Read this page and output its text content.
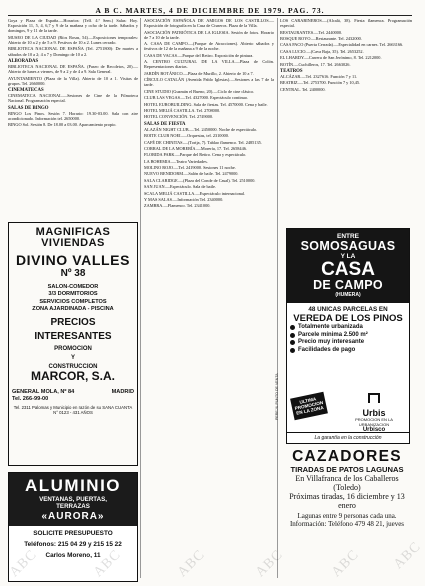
A B C. MARTES, 4 DE DICIEMBRE DE 1979. PAG. 73.

Goya y Plaza de España.—Horarios: (Telf. 4.ª Sem.) Salas: Hoy. Exposición 11, 5, 4, 6,7 y 9 de la mañana y ocho de la tarde. Sábados y domingos, 9 y 11 de la tarde.

MUSEO DE LA CIUDAD (Ríos Rosas, 54).—Exposiciones temporales: Abierto de 10 a 2 y de 5 a 9. Festivos de 10 a 2. Lunes cerrado.

BIBLIOTECA NACIONAL DE ESPAÑA (Tel. 2751800): De martes a sábados de 10 a 2; 4 a 7 y Domingo de 10 a 2.

ALBORADAS

BIBLIOTECA NACIONAL DE ESPAÑA. (Paseo de Recoletos, 20).—Abierto de lunes a viernes, de 9 a 2 y de 4 a 9. Sala General.

AYUNTAMIENTO (Plaza de la Villa). Abierto de 10 a 1. Visitas de grupos. Tel. 2660000.

CINEMATECAS

CINEMATECA NACIONAL.—Sesiones de Cine de la Filmoteca Nacional. Programación especial.

SALAS DE BINGO

BINGO Los Pinos. Sesión 7. Horario: 19.30-03.00. Sala con aire acondicionado. Información tel. 2650000.

BINGO Sol. Sesión 8. De 18.00 a 03.00. Aparcamiento propio.

ASOCIACIÓN ESPAÑOLA DE AMIGOS DE LOS CASTILLOS.—Exposición de fotografía en la Casa de Cisneros. Plaza de la Villa.

ASOCIACIÓN PATRIÓTICA DE LA IGLESIA. Sesión de fotos. Horario de 7 a 10 de la tarde.

A. CASA DE CAMPO.—(Parque de Atracciones). Abierto sábados y festivos de 12 de la mañana a 9 de la noche.

CASA DE VACAS.—Parque del Retiro. Exposición de pintura.

A. CENTRO CULTURAL DE LA VILLA.—Plaza de Colón. Representaciones diarias.

JARDÍN BOTÁNICO.—Plaza de Murillo, 2. Abierto de 10 a 7.

CÍRCULO CATALÁN (Avenida Pablo Iglesias).—Sesiones a las 7 de la tarde.

CINE STUDIO (Guzmán el Bueno, 20).—Ciclo de cine clásico.

CLUB LAS VEGAS.—Tel. 4327000. Espectáculo continuo.

HOTEL EUROBUILDING. Sala de fiestas. Tel. 4570000. Cena y baile.

HOTEL MELIÁ CASTILLA. Tel. 2708000.

HOTEL CONVENCIÓN. Tel. 2749000.

SALAS DE FIESTA

ALAZÁN NIGHT CLUB.—Tel. 2450000. Noche de espectáculo.

BOITE CLUB NOEL.—Orquestas, tel. 2310000.

CAFÉ DE CHINITAS.—(Torija, 7). Tablao flamenco. Tel. 2485135.

CORRAL DE LA MORERÍA.—Morería, 17. Tel. 2658446.

FLORIDA PARK.—Parque del Retiro. Cena y espectáculo.

LA BOHEMIA.—Teatro Variedades.

MOLINO ROJO.—Tel. 2419000. Sesiones 11 noche.

NUEVO BENIDORM.—Salón de baile. Tel. 2479000.

SALA CLARIDGE.—(Plaza del Conde de Casal). Tel. 2510000.

SAN JUAN.—Espectáculo. Sala de baile.

SCALA MELIÁ CASTILLA.—Espectáculo internacional.

Y MAS SALAS.—Información Tel. 2340000.

ZAMBRA.—Flamenco. Tel. 2341000.

LOS CARABINEROS.—(Alcalá, 38). Fiesta flamenca. Programación especial.

RESTAURANTES.—Tel. 2440000.

BOSQUE ROYO.—Restaurante. Tel. 2432000.

CASA PACO (Puerta Cerrada).—Especialidad en carnes. Tel. 2663166.

CASA LUCIO.—(Cava Baja, 35). Tel. 2653252.

EL LHARDY.—Carrera de San Jerónimo, 8. Tel. 2212000.

BOTÍN.—Cuchilleros, 17. Tel. 2663026.

TEATROS

ALCÁZAR.—Tel. 2327616. Función 7 y 11.

BEATRIZ.—Tel. 2753700. Función 7 y 10,45.

CENTRAL. Tel. 2400000.

MAGNIFICAS
VIVIENDAS
DIVINO VALLES
Nº 38
SALON-COMEDOR
3/3 DORMITORIOS
SERVICIOS COMPLETOS
ZONA AJARDINADA - PISCINA
PRECIOS
INTERESANTES
PROMOCION
Y
CONSTRUCCION
MARCOR, S.A.
GENERAL MOLA, Nº 84	MADRID
Tel. 266-99-00
Tel. 2311 Palomas y Municipio en razón de su SANA CUANTA N° 0123 - 431 AÑOS
ALUMINIO
VENTANAS, PUERTAS,
TERRAZAS
«AURORA»
SOLICITE PRESUPUESTO
Teléfonos: 215 04 29 y 215 15 22
Carlos Moreno, 11
ENTRE
SOMOSAGUAS
Y LA
CASA
DE CAMPO
(HUMERA)
48 UNICAS PARCELAS EN
VEREDA DE LOS PINOS
Totalmente urbanizada
Parcele mínima 2.500 m²
Precio muy interesante
Facilidades de pago
ULTIMA PROMOCION EN LA ZONA	Urbis
PROMOCION EN LA URBANIZACION
Urbisco
La garantía en la construcción
PEREJIL PUNTO DE VENTA
CAZADORES
TIRADAS DE PATOS LAGUNAS
En Villafranca de los Caballeros (Toledo)
Próximas tiradas, 16 diciembre y 13 enero
Lagunas entre 9 personas cada una. Información: Teléfono 479 48 21, jueves
ABC	ABC	ABC	ABC	ABC ABC
